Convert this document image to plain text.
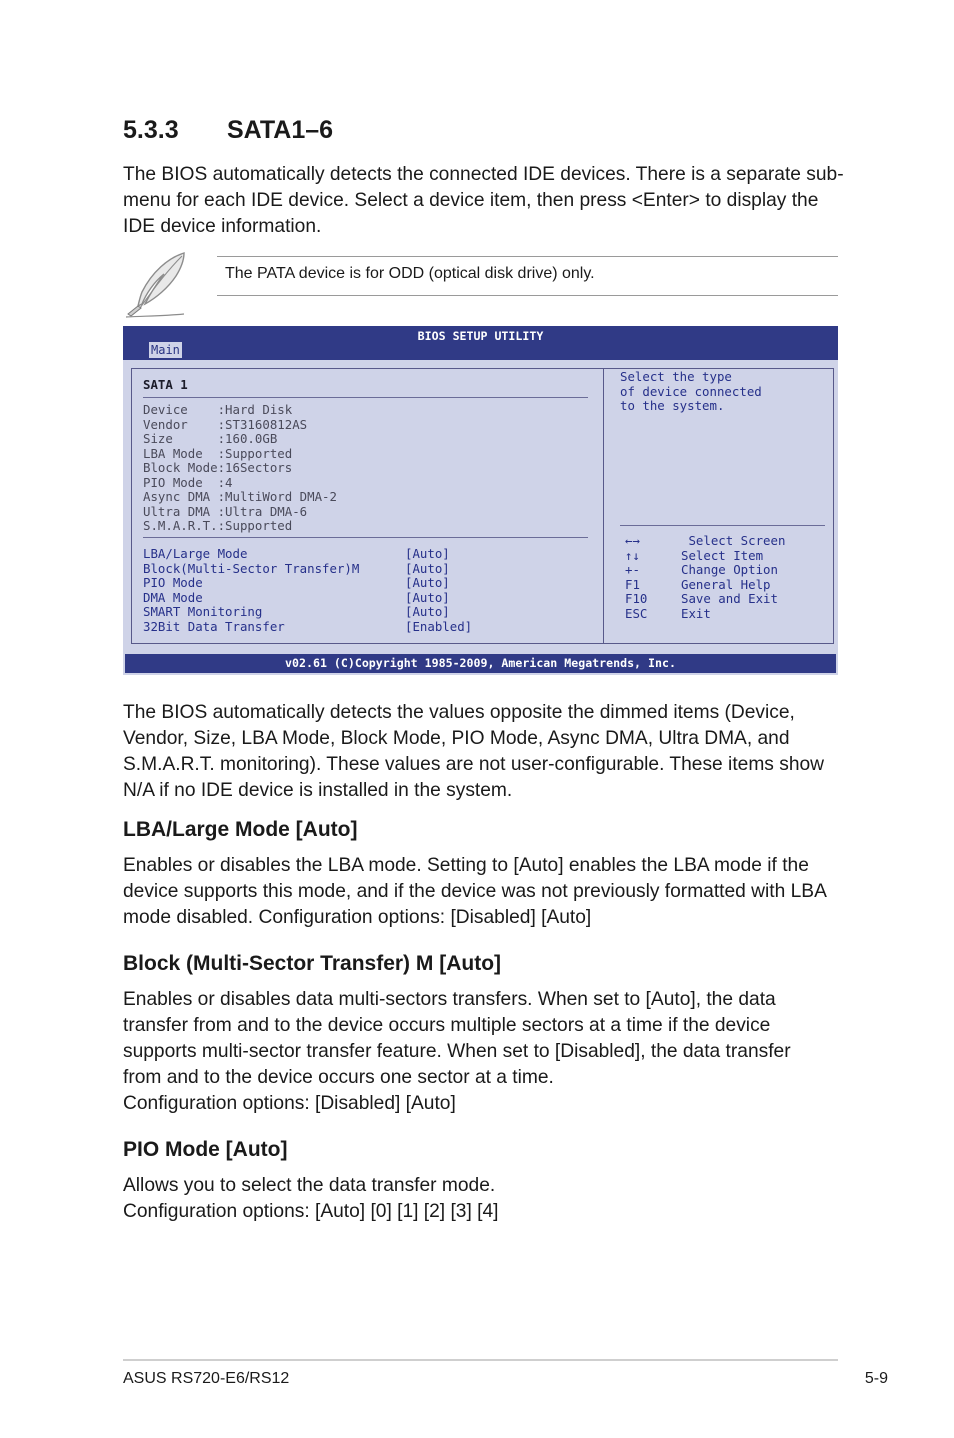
5.3.3 SATA1–6

The BIOS automatically detects the connected IDE devices. There is a separate sub-menu for each IDE device. Select a device item, then press <Enter> to display the IDE device information.

The PATA device is for ODD (optical disk drive) only.
BIOS SETUP UTILITY
Main
SATA 1
Device    :Hard Disk
Vendor    :ST3160812AS
Size      :160.0GB
LBA Mode  :Supported
Block Mode:16Sectors
PIO Mode  :4
Async DMA :MultiWord DMA-2
Ultra DMA :Ultra DMA-6
S.M.A.R.T.:Supported
LBA/Large Mode	[Auto]
Block(Multi-Sector Transfer)M	[Auto]
PIO Mode	[Auto]
DMA Mode	[Auto]
SMART Monitoring	[Auto]
32Bit Data Transfer	[Enabled]
Select the type
of device connected
to the system.
←→	Select Screen
↑↓	Select Item
+-	Change Option
F1	General Help
F10	Save and Exit
ESC	Exit
v02.61 (C)Copyright 1985-2009, American Megatrends, Inc.

The BIOS automatically detects the values opposite the dimmed items (Device, Vendor, Size, LBA Mode, Block Mode, PIO Mode, Async DMA, Ultra DMA, and S.M.A.R.T. monitoring). These values are not user-configurable. These items show N/A if no IDE device is installed in the system.

LBA/Large Mode [Auto]

Enables or disables the LBA mode. Setting to [Auto] enables the LBA mode if the device supports this mode, and if the device was not previously formatted with LBA mode disabled. Configuration options: [Disabled] [Auto]

Block (Multi-Sector Transfer) M [Auto]

Enables or disables data multi-sectors transfers. When set to [Auto], the data transfer from and to the device occurs multiple sectors at a time if the device supports multi-sector transfer feature. When set to [Disabled], the data transfer from and to the device occurs one sector at a time.

Configuration options: [Disabled] [Auto]

PIO Mode [Auto]

Allows you to select the data transfer mode.

Configuration options: [Auto] [0] [1] [2] [3] [4]

ASUS RS720-E6/RS12	5-9
